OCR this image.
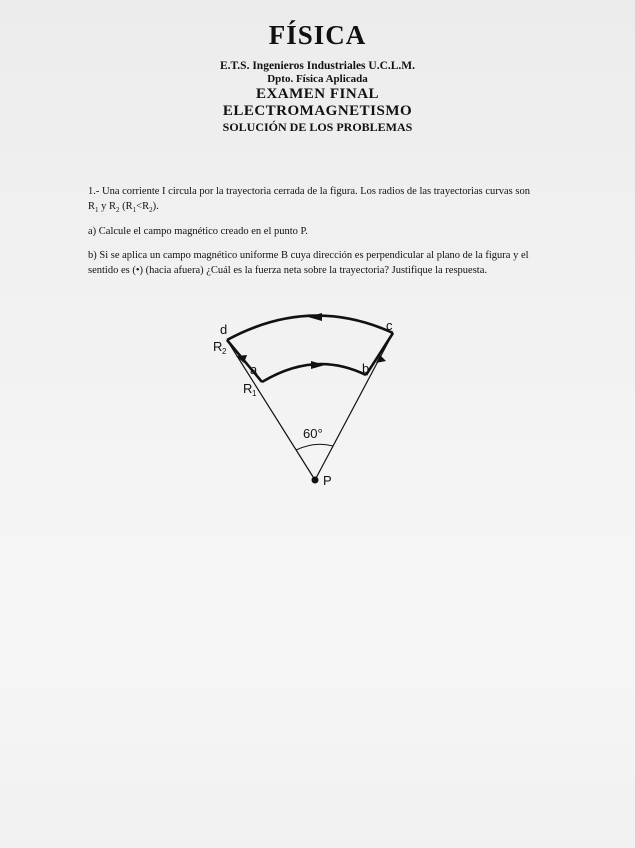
FÍSICA
E.T.S. Ingenieros Industriales U.C.L.M.
Dpto. Física Aplicada
EXAMEN FINAL
ELECTROMAGNETISMO
SOLUCIÓN DE LOS PROBLEMAS
1.- Una corriente I circula por la trayectoria cerrada de la figura. Los radios de las trayectorias curvas son $R_1$ y $R_2$ $(R_1<R_2)$.
a) Calcule el campo magnético creado en el punto P.
b) Si se aplica un campo magnético uniforme B cuya dirección es perpendicular al plano de la figura y el sentido es (•) (hacia afuera) ¿Cuál es la fuerza neta sobre la trayectoria? Justifique la respuesta.
d	c
a	b
R 2
R 1
60°
P
